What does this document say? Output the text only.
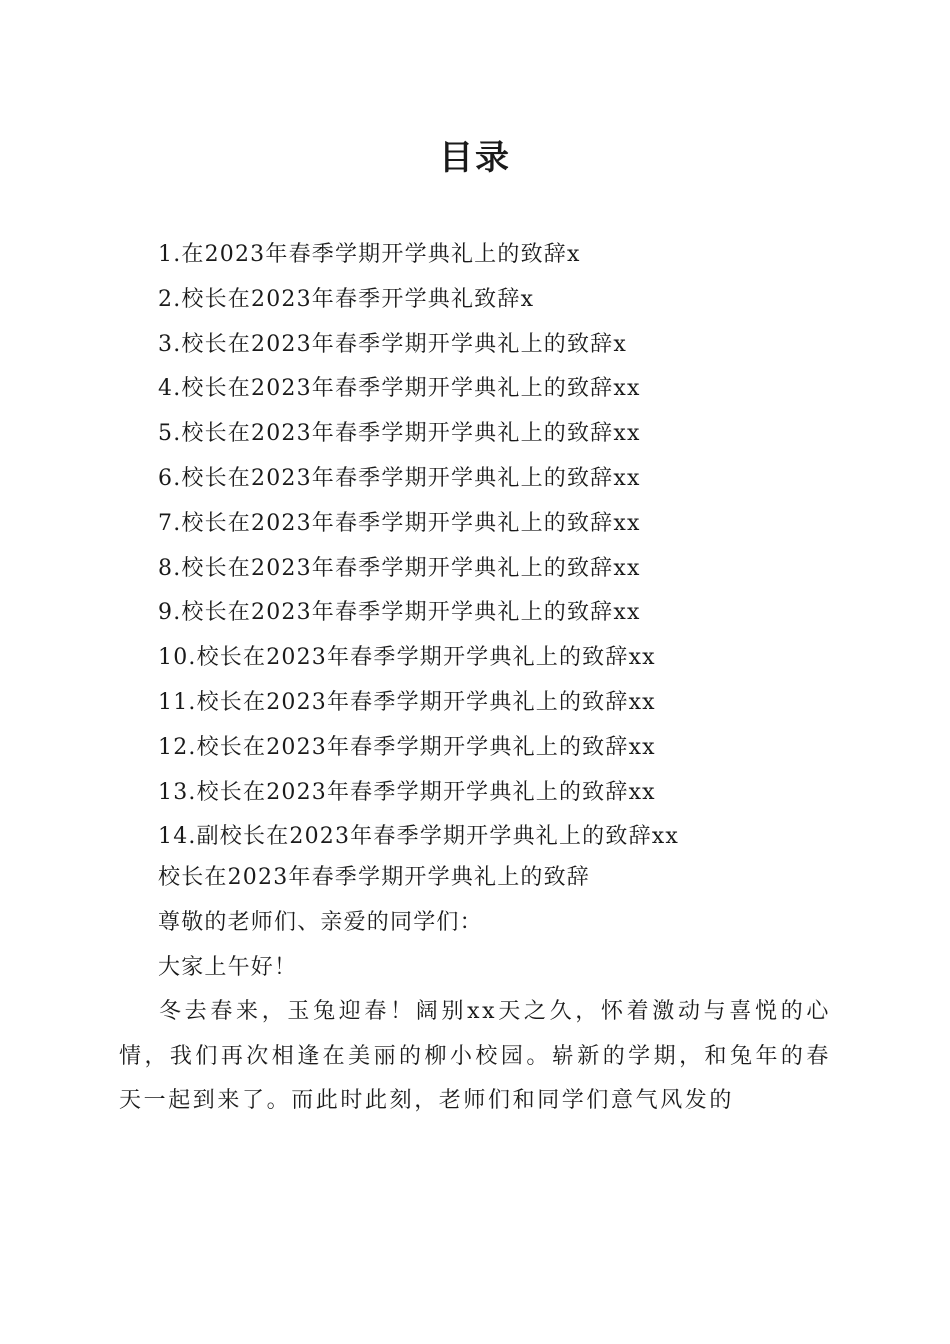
目录
1.在2023年春季学期开学典礼上的致辞x
2.校长在2023年春季开学典礼致辞x
3.校长在2023年春季学期开学典礼上的致辞x
4.校长在2023年春季学期开学典礼上的致辞xx
5.校长在2023年春季学期开学典礼上的致辞xx
6.校长在2023年春季学期开学典礼上的致辞xx
7.校长在2023年春季学期开学典礼上的致辞xx
8.校长在2023年春季学期开学典礼上的致辞xx
9.校长在2023年春季学期开学典礼上的致辞xx
10.校长在2023年春季学期开学典礼上的致辞xx
11.校长在2023年春季学期开学典礼上的致辞xx
12.校长在2023年春季学期开学典礼上的致辞xx
13.校长在2023年春季学期开学典礼上的致辞xx
14.副校长在2023年春季学期开学典礼上的致辞xx
校长在2023年春季学期开学典礼上的致辞
尊敬的老师们、亲爱的同学们：
大家上午好！

冬去春来，玉兔迎春！阔别xx天之久，怀着激动与喜悦的心情，我们再次相逢在美丽的柳小校园。崭新的学期，和兔年的春天一起到来了。而此时此刻，老师们和同学们意气风发的
